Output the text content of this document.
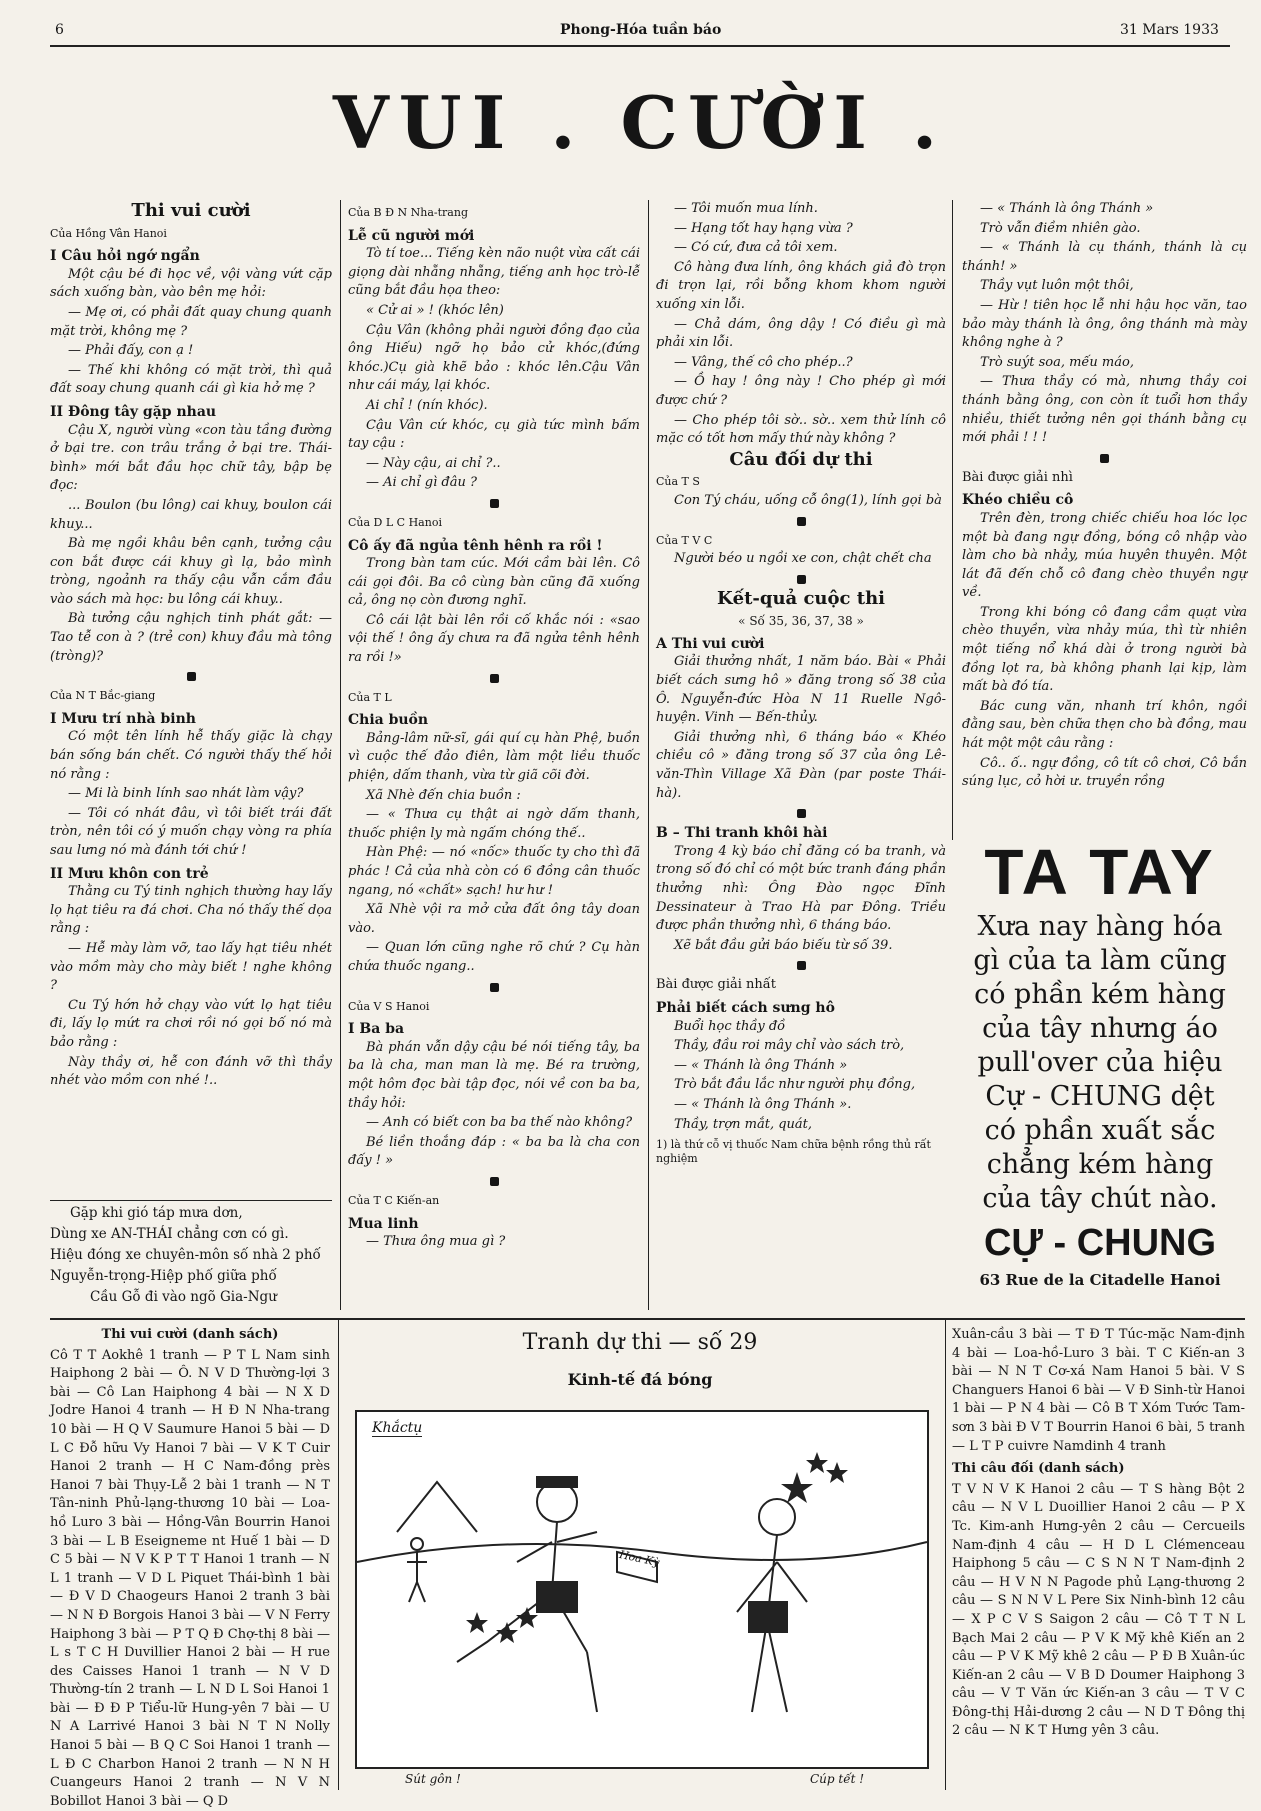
6	Phong-Hóa tuần báo	31 Mars 1933
VUI . CƯỜI .
Thi vui cười
Của Hồng Vân Hanoi
I Câu hỏi ngớ ngẩn

Một cậu bé đi học về, vội vàng vứt cặp sách xuống bàn, vào bên mẹ hỏi:

— Mẹ ơi, có phải đất quay chung quanh mặt trời, không mẹ ?

— Phải đấy, con ạ !

— Thế khi không có mặt trời, thì quả đất soay chung quanh cái gì kia hở mẹ ?

II Đông tây gặp nhau

Cậu X, người vùng «con tàu tầng đường ở bại tre. con trâu trắng ở bại tre. Thái-bình» mới bắt đầu học chữ tây, bập bẹ đọc:

... Boulon (bu lông) cai khuy, boulon cái khuy...

Bà mẹ ngồi khâu bên cạnh, tưởng cậu con bắt được cái khuy gì lạ, bảo mình tròng, ngoảnh ra thấy cậu vẫn cắm đầu vào sách mà học: bu lông cái khuy..

Bà tưởng cậu nghịch tinh phát gắt: — Tao tễ con à ? (trẻ con) khuy đầu mà tông (tròng)?

Của N T Bắc-giang
I Mưu trí nhà binh

Có một tên lính hễ thấy giặc là chạy bán sống bán chết. Có người thấy thế hỏi nó rằng :

— Mi là binh lính sao nhát làm vậy?

— Tôi có nhát đâu, vì tôi biết trái đất tròn, nên tôi có ý muốn chạy vòng ra phía sau lưng nó mà đánh tới chứ !

II Mưu khôn con trẻ

Thằng cu Tý tinh nghịch thường hay lấy lọ hạt tiêu ra đá chơi. Cha nó thấy thế dọa rằng :

— Hễ mày làm vỡ, tao lấy hạt tiêu nhét vào mồm mày cho mày biết ! nghe không ?

Cu Tý hớn hở chạy vào vứt lọ hạt tiêu đi, lấy lọ mứt ra chơi rồi nó gọi bố nó mà bảo rằng :

Này thầy ơi, hễ con đánh vỡ thì thầy nhét vào mồm con nhé !..

Gặp khi gió táp mưa dơn,
Dùng xe AN-THÁI chẳng cơn có gì.
Hiệu đóng xe chuyên-môn số nhà 2 phố
Nguyễn-trọng-Hiệp phố giữa phố
Cầu Gỗ đi vào ngõ Gia-Ngư
Của B Đ N Nha-trang
Lễ cũ người mới

Tò tí toe... Tiếng kèn não nuột vừa cất cái giọng dài nhẵng nhẵng, tiếng anh học trò-lễ cũng bắt đầu họa theo:

« Cử ai » ! (khóc lên)

Cậu Vân (không phải người đồng đạo của ông Hiếu) ngỡ họ bảo cử khóc,(đứng khóc.)Cụ già khẽ bảo : khóc lên.Cậu Vân như cái máy, lại khóc.

Ai chỉ ! (nín khóc).

Cậu Vân cứ khóc, cụ già tức mình bấm tay cậu :

— Này cậu, ai chỉ ?..

— Ai chỉ gì đâu ?

Của D L C Hanoi
Cô ấy đã ngủa tênh hênh ra rồi !

Trong bàn tam cúc. Mới cầm bài lên. Cô cái gọi đôi. Ba cô cùng bàn cũng đã xuống cả, ông nọ còn đương nghĩ.

Cô cái lật bài lên rồi cố khắc nói : «sao vội thế ! ông ấy chưa ra đã ngửa tênh hênh ra rồi !»

Của T L
Chia buồn

Bảng-lâm nữ-sĩ, gái quí cụ hàn Phệ, buồn vì cuộc thế đảo điên, làm một liều thuốc phiện, dấm thanh, vừa từ giã cõi đời.

Xã Nhè đến chia buồn :

— « Thưa cụ thật ai ngờ dấm thanh, thuốc phiện ly mà ngấm chóng thế..

Hàn Phệ: — nó «nốc» thuốc ty cho thì đã phác ! Cả của nhà còn có 6 đồng cân thuốc ngang, nó «chất» sạch! hư hư !

Xã Nhè vội ra mở cửa đất ông tây doan vào.

— Quan lớn cũng nghe rõ chứ ? Cụ hàn chứa thuốc ngang..

Của V S Hanoi
I Ba ba

Bà phán vẫn dậy cậu bé nói tiếng tây, ba ba là cha, man man là mẹ. Bé ra trường, một hôm đọc bài tập đọc, nói về con ba ba, thầy hỏi:

— Anh có biết con ba ba thế nào không?

Bé liền thoắng đáp : « ba ba là cha con đấy ! »

Của T C Kiến-an
Mua linh

— Thưa ông mua gì ?

— Tôi muốn mua lính.

— Hạng tốt hay hạng vừa ?

— Có cứ, đưa cả tôi xem.

Cô hàng đưa lính, ông khách giả đò trọn đi trọn lại, rồi bỗng khom khom người xuống xin lỗi.

— Chả dám, ông dậy ! Có điều gì mà phải xin lỗi.

— Vâng, thế cô cho phép..?

— Ồ hay ! ông này ! Cho phép gì mới được chứ ?

— Cho phép tôi sờ.. sờ.. xem thử lính cô mặc có tốt hơn mấy thứ này không ?

Câu đối dự thi
Của T S

Con Tý cháu, uống cỗ ông(1), lính gọi bà

Của T V C

Người béo u ngồi xe con, chật chết cha

Kết-quả cuộc thi
« Số 35, 36, 37, 38 »
A Thi vui cười

Giải thưởng nhất, 1 năm báo. Bài « Phải biết cách sưng hô » đăng trong số 38 của Ô. Nguyễn-đức Hòa N 11 Ruelle Ngô-huyện. Vinh — Bến-thủy.

Giải thưởng nhì, 6 tháng báo « Khéo chiều cô » đăng trong số 37 của ông Lê-văn-Thìn Village Xã Đàn (par poste Thái-hà).

B – Thi tranh khôi hài

Trong 4 kỳ báo chỉ đăng có ba tranh, và trong số đó chỉ có một bức tranh đáng phần thưởng nhì: Ông Đào ngọc Đĩnh Dessinateur à Trao Hà par Đông. Triều được phần thưởng nhì, 6 tháng báo.

Xẽ bắt đầu gửi báo biếu từ số 39.

Bài được giải nhất
Phải biết cách sưng hô

Buổi học thầy đồ

Thầy, đầu roi mây chỉ vào sách trò,

— « Thánh là ông Thánh »

Trò bắt đầu lắc như người phụ đồng,

— « Thánh là ông Thánh ».

Thầy, trợn mắt, quát,

1) là thứ cỗ vị thuốc Nam chữa bệnh rồng thủ rất nghiệm

— « Thánh là ông Thánh »

Trò vẫn điềm nhiên gào.

— « Thánh là cụ thánh, thánh là cụ thánh! »

Thầy vụt luôn một thôi,

— Hừ ! tiên học lễ nhi hậu học văn, tao bảo mày thánh là ông, ông thánh mà mày không nghe à ?

Trò suýt soa, mếu máo,

— Thưa thầy có mà, nhưng thầy coi thánh bằng ông, con còn ít tuổi hơn thầy nhiều, thiết tưởng nên gọi thánh bằng cụ mới phải ! ! !

Bài được giải nhì
Khéo chiều cô

Trên đèn, trong chiếc chiếu hoa lóc lọc một bà đang ngự đồng, bóng cô nhập vào làm cho bà nhảy, múa huyên thuyên. Một lát đã đến chỗ cô đang chèo thuyền ngự về.

Trong khi bóng cô đang cầm quạt vừa chèo thuyền, vừa nhảy múa, thì từ nhiên một tiếng nổ khá dài ở trong người bà đồng lọt ra, bà không phanh lại kịp, làm mất bà đó tía.

Bác cung văn, nhanh trí khôn, ngồi đằng sau, bèn chữa thẹn cho bà đồng, mau hát một một câu rằng :

Cô.. ố.. ngự đồng, cô tít cô chơi, Cô bắn súng lục, cỏ hời ư. truyền rồng

TA TAY
Xưa nay hàng hóa
gì của ta làm cũng
có phần kém hàng
của tây nhưng áo
pull'over của hiệu
Cự - CHUNG dệt
có phần xuất sắc
chẳng kém hàng
của tây chút nào.
CỰ - CHUNG
63 Rue de la Citadelle Hanoi
Thi vui cười (danh sách)

Cô T T Aokhê 1 tranh — P T L Nam sinh Haiphong 2 bài — Ô. N V D Thường-lợi 3 bài — Cô Lan Haiphong 4 bài — N X D Jodre Hanoi 4 tranh — H Đ N Nha-trang 10 bài — H Q V Saumure Hanoi 5 bài — D L C Đỗ hữu Vy Hanoi 7 bài — V K T Cuir Hanoi 2 tranh — H C Nam-đồng près Hanoi 7 bài Thụy-Lễ 2 bài 1 tranh — N T Tân-ninh Phủ-lạng-thương 10 bài — Loa-hồ Luro 3 bài — Hồng-Vân Bourrin Hanoi 3 bài — L B Eseigneme nt Huế 1 bài — D C 5 bài — N V K P T T Hanoi 1 tranh — N L 1 tranh — V D L Piquet Thái-bình 1 bài — Đ V D Chaogeurs Hanoi 2 tranh 3 bài — N N Đ Borgois Hanoi 3 bài — V N Ferry Haiphong 3 bài — P T Q Đ Chợ-thị 8 bài — L s T C H Duvillier Hanoi 2 bài — H rue des Caisses Hanoi 1 tranh — N V D Thường-tín 2 tranh — L N D L Soi Hanoi 1 bài — Đ Đ P Tiểu-lữ Hung-yên 7 bài — U N A Larrivé Hanoi 3 bài N T N Nolly Hanoi 5 bài — B Q C Soi Hanoi 1 tranh — L Đ C Charbon Hanoi 2 tranh — N N H Cuangeurs Hanoi 2 tranh — N V N Bobillot Hanoi 3 bài — Q D

Tranh dự thi — số 29
Kinh-tế đá bóng
Khắctụ
Hoa Kỳ
Sút gôn !	Cúp tết !

Xuân-cầu 3 bài — T Đ T Túc-mặc Nam-định 4 bài — Loa-hồ-Luro 3 bài. T C Kiến-an 3 bài — N N T Cơ-xá Nam Hanoi 5 bài. V S Changuers Hanoi 6 bài — V Đ Sinh-từ Hanoi 1 bài — P N 4 bài — Cô B T Xóm Tước Tam-sơn 3 bài Đ V T Bourrin Hanoi 6 bài, 5 tranh — L T P cuivre Namdinh 4 tranh

Thi câu đối (danh sách)

T V N V K Hanoi 2 câu — T S hàng Bột 2 câu — N V L Duoillier Hanoi 2 câu — P X Tc. Kim-anh Hưng-yên 2 câu — Cercueils Nam-định 4 câu — H D L Clémenceau Haiphong 5 câu — C S N N T Nam-định 2 câu — H V N N Pagode phủ Lạng-thương 2 câu — S N N V L Pere Six Ninh-bình 12 câu — X P C V S Saigon 2 câu — Cô T T N L Bạch Mai 2 câu — P V K Mỹ khê Kiến an 2 câu — P V K Mỹ khê 2 câu — P Đ B Xuân-úc Kiến-an 2 câu — V B D Doumer Haiphong 3 câu — V T Văn ức Kiến-an 3 câu — T V C Đông-thị Hải-dương 2 câu — N D T Đông thị 2 câu — N K T Hưng yên 3 câu.
